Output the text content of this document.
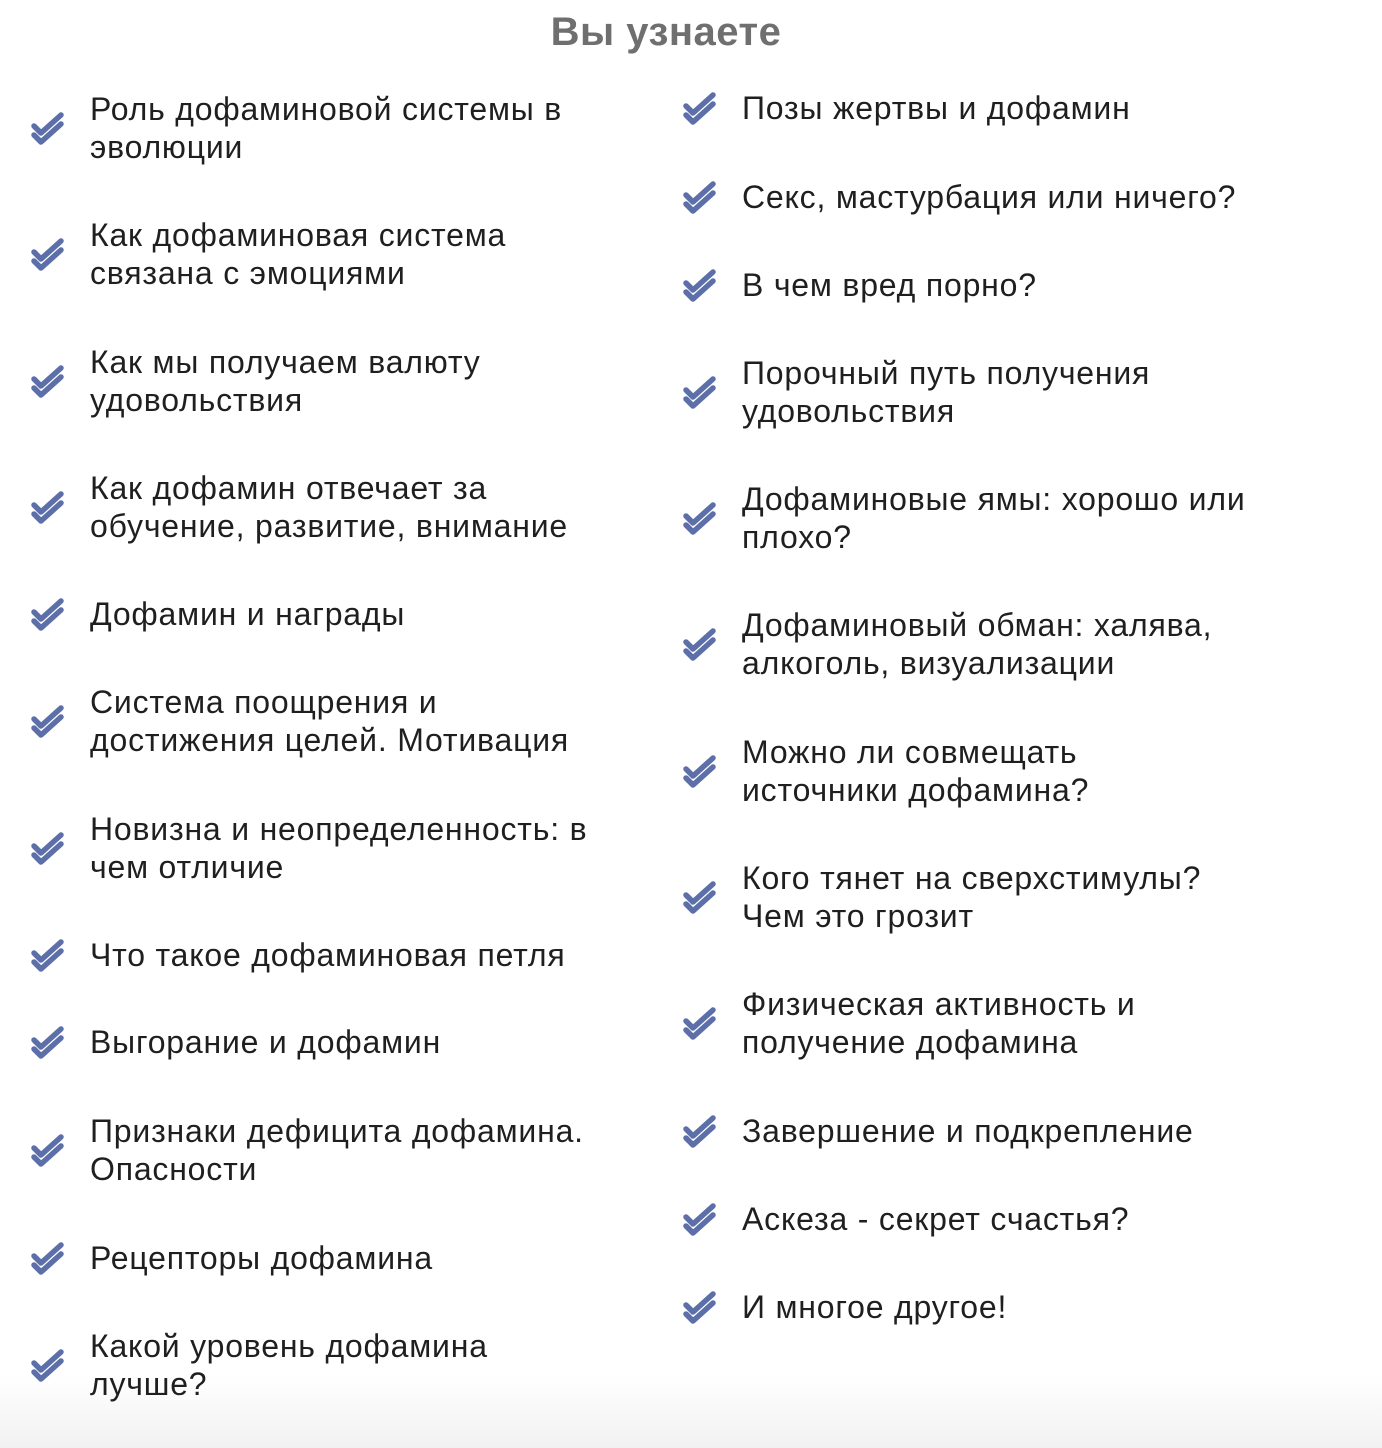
Вы узнаете
Роль дофаминовой системы в
эволюции
Как дофаминовая система
связана с эмоциями
Как мы получаем валюту
удовольствия
Как дофамин отвечает за
обучение, развитие, внимание
Дофамин и награды
Система поощрения и
достижения целей. Мотивация
Новизна и неопределенность: в
чем отличие
Что такое дофаминовая петля
Выгорание и дофамин
Признаки дефицита дофамина.
Опасности
Рецепторы дофамина
Какой уровень дофамина
лучше?
Позы жертвы и дофамин
Секс, мастурбация или ничего?
В чем вред порно?
Порочный путь получения
удовольствия
Дофаминовые ямы: хорошо или
плохо?
Дофаминовый обман: халява,
алкоголь, визуализации
Можно ли совмещать
источники дофамина?
Кого тянет на сверхстимулы?
Чем это грозит
Физическая активность и
получение дофамина
Завершение и подкрепление
Аскеза - секрет счастья?
И многое другое!
